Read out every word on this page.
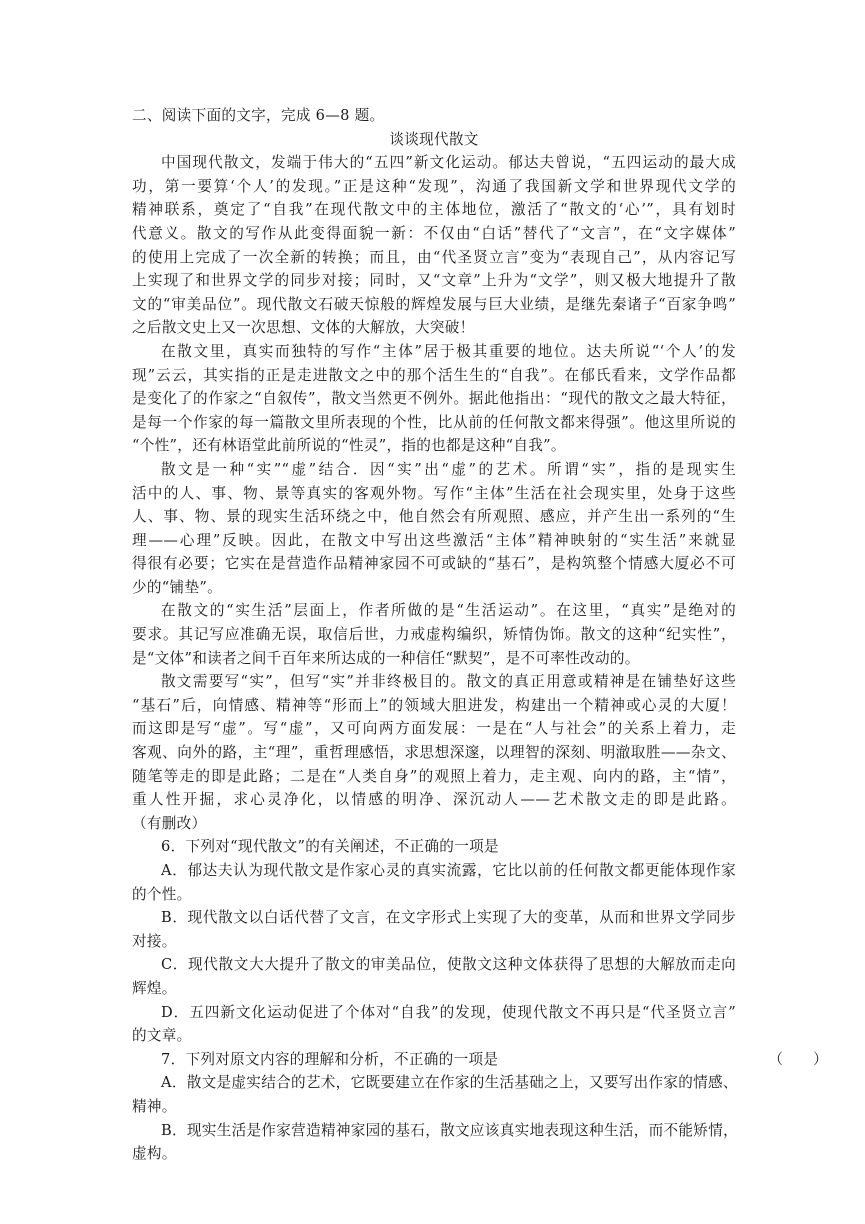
二、阅读下面的文字，完成 6—8 题。
谈谈现代散文
中国现代散文，发端于伟大的“五四”新文化运动。郁达夫曾说，“五四运动的最大成
功，第一要算‘个人’的发现。”正是这种“发现”，沟通了我国新文学和世界现代文学的
精神联系，奠定了“自我”在现代散文中的主体地位，激活了“散文的‘心’”，具有划时
代意义。散文的写作从此变得面貌一新：不仅由“白话”替代了“文言”，在“文字媒体”
的使用上完成了一次全新的转换；而且，由“代圣贤立言”变为“表现自己”，从内容记写
上实现了和世界文学的同步对接；同时，又“文章”上升为“文学”，则又极大地提升了散
文的“审美品位”。现代散文石破天惊般的辉煌发展与巨大业绩，是继先秦诸子“百家争鸣”
之后散文史上又一次思想、文体的大解放，大突破！
在散文里，真实而独特的写作“主体”居于极其重要的地位。达夫所说“‘个人’的发
现”云云，其实指的正是走进散文之中的那个活生生的“自我”。在郁氏看来，文学作品都
是变化了的作家之“自叙传”，散文当然更不例外。据此他指出：“现代的散文之最大特征，
是每一个作家的每一篇散文里所表现的个性，比从前的任何散文都来得强”。他这里所说的
“个性”，还有林语堂此前所说的“性灵”，指的也都是这种“自我”。
散文是一种“实”“虚”结合．因“实”出“虚”的艺术。所谓“实”，指的是现实生
活中的人、事、物、景等真实的客观外物。写作“主体”生活在社会现实里，处身于这些
人、事、物、景的现实生活环绕之中，他自然会有所观照、感应，并产生出一系列的“生
理——心理”反映。因此，在散文中写出这些激活“主体”精神映射的“实生活”来就显
得很有必要；它实在是营造作品精神家园不可或缺的“基石”，是构筑整个情感大厦必不可
少的“铺垫”。
在散文的“实生活”层面上，作者所做的是“生活运动”。在这里，“真实”是绝对的
要求。其记写应准确无误，取信后世，力戒虚构编织，矫情伪饰。散文的这种“纪实性”，
是“文体”和读者之间千百年来所达成的一种信任“默契”，是不可率性改动的。
散文需要写“实”，但写“实”并非终极目的。散文的真正用意或精神是在铺垫好这些
“基石”后，向情感、精神等“形而上”的领域大胆进发，构建出一个精神或心灵的大厦！
而这即是写“虚”。写“虚”，又可向两方面发展：一是在“人与社会”的关系上着力，走
客观、向外的路，主“理”，重哲理感悟，求思想深邃，以理智的深刻、明澈取胜——杂文、
随笔等走的即是此路；二是在“人类自身”的观照上着力，走主观、向内的路，主“情”，
重人性开掘，求心灵净化，以情感的明净、深沉动人——艺术散文走的即是此路。
（有删改）
6．下列对“现代散文”的有关阐述，不正确的一项是
A．郁达夫认为现代散文是作家心灵的真实流露，它比以前的任何散文都更能体现作家
的个性。
B．现代散文以白话代替了文言，在文字形式上实现了大的变革，从而和世界文学同步
对接。
C．现代散文大大提升了散文的审美品位，使散文这种文体获得了思想的大解放而走向
辉煌。
D．五四新文化运动促进了个体对“自我”的发现，使现代散文不再只是“代圣贤立言”
的文章。
7．下列对原文内容的理解和分析，不正确的一项是	（　　）
A．散文是虚实结合的艺术，它既要建立在作家的生活基础之上，又要写出作家的情感、
精神。
B．现实生活是作家营造精神家园的基石，散文应该真实地表现这种生活，而不能矫情，
虚构。
